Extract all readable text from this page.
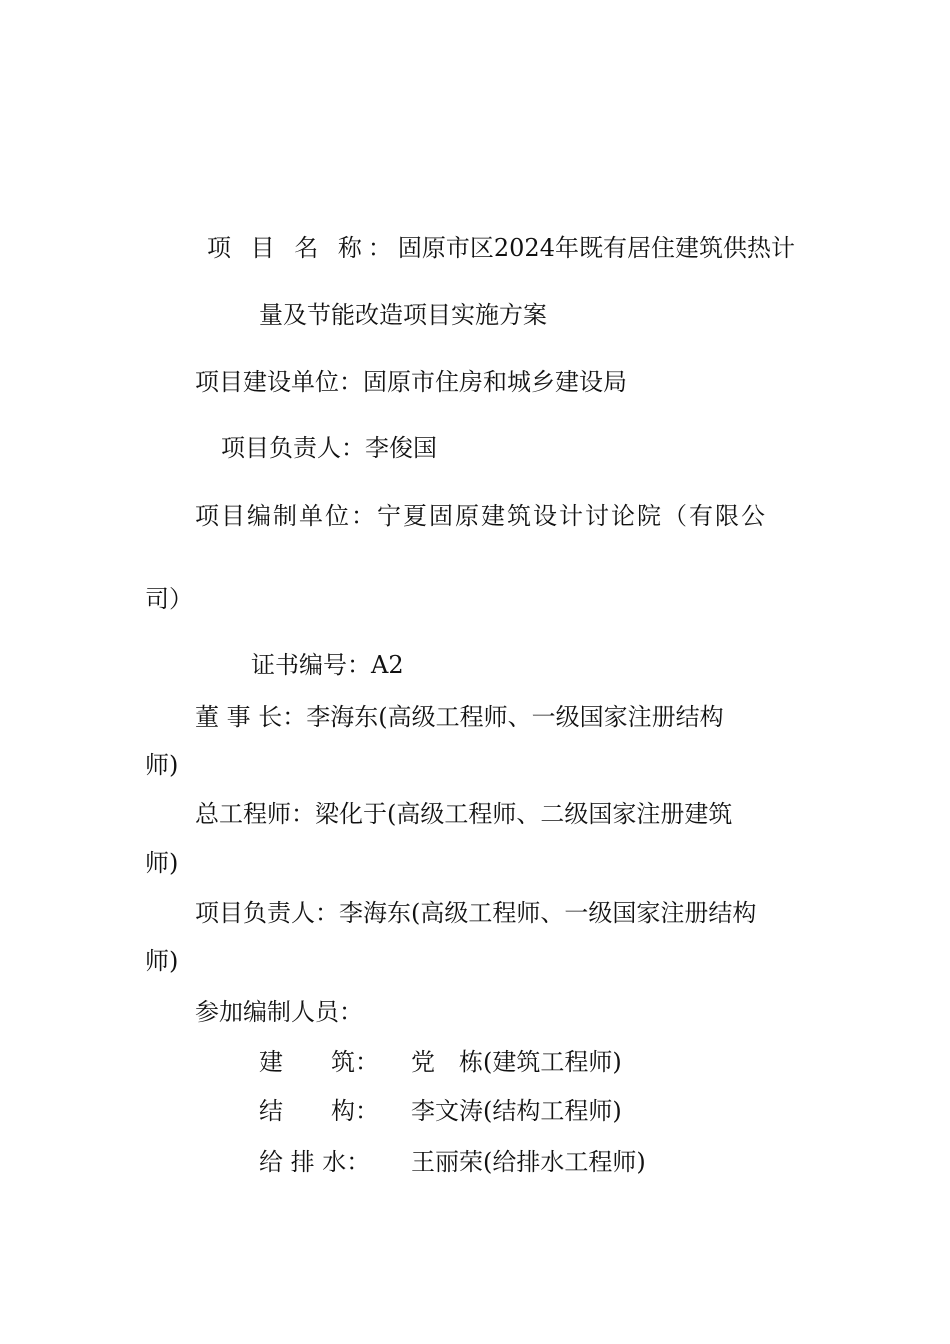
项 目 名 称：固原市区2024年既有居住建筑供热计
量及节能改造项目实施方案
项目建设单位：固原市住房和城乡建设局
项目负责人：李俊国
项目编制单位：宁夏固原建筑设计讨论院（有限公
司）
证书编号：A2
董 事 长：李海东(高级工程师、一级国家注册结构
师)
总工程师：梁化于(高级工程师、二级国家注册建筑
师)
项目负责人：李海东(高级工程师、一级国家注册结构
师)
参加编制人员：
建　　筑： 党　栋(建筑工程师)
结　　构： 李文涛(结构工程师)
给 排 水： 王丽荣(给排水工程师)
